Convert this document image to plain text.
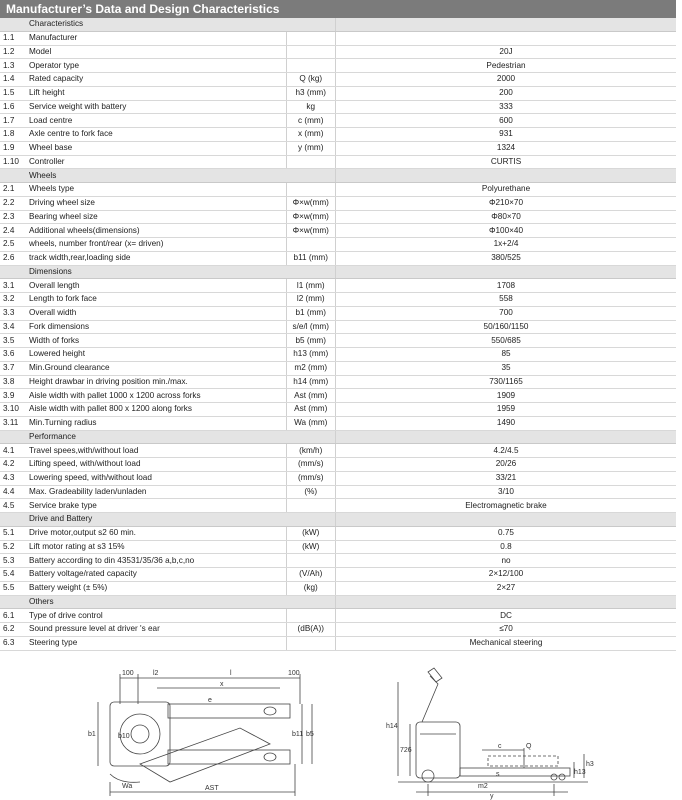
Manufacturer’s Data and Design Characteristics
	Characteristics		
1.1	Manufacturer		
1.2	Model		20J
1.3	Operator type		Pedestrian
1.4	Rated capacity	Q (kg)	2000
1.5	Lift height	h3 (mm)	200
1.6	Service weight with battery	kg	333
1.7	Load centre	c (mm)	600
1.8	Axle centre to fork face	x (mm)	931
1.9	Wheel base	y (mm)	1324
1.10	Controller		CURTIS
	Wheels		
2.1	Wheels type		Polyurethane
2.2	Driving wheel size	Φ×w(mm)	Φ210×70
2.3	Bearing wheel size	Φ×w(mm)	Φ80×70
2.4	Additional wheels(dimensions)	Φ×w(mm)	Φ100×40
2.5	wheels, number front/rear (x= driven)		1x+2/4
2.6	track width,rear,loading side	b11 (mm)	380/525
	Dimensions		
3.1	Overall length	l1 (mm)	1708
3.2	Length to fork face	l2 (mm)	558
3.3	Overall width	b1 (mm)	700
3.4	Fork dimensions	s/e/l (mm)	50/160/1150
3.5	Width of forks	b5 (mm)	550/685
3.6	Lowered height	h13 (mm)	85
3.7	Min.Ground clearance	m2 (mm)	35
3.8	Height drawbar in driving position min./max.	h14 (mm)	730/1165
3.9	Aisle width with pallet 1000 x 1200 across forks	Ast (mm)	1909
3.10	Aisle width with pallet 800 x 1200 along forks	Ast (mm)	1959
3.11	Min.Turning radius	Wa (mm)	1490
	Performance		
4.1	Travel spees,with/without load	(km/h)	4.2/4.5
4.2	Lifting speed, with/without load	(mm/s)	20/26
4.3	Lowering speed, with/without load	(mm/s)	33/21
4.4	Max. Gradeability laden/unladen	(%)	3/10
4.5	Service brake type		Electromagnetic brake
	Drive and Battery		
5.1	Drive motor,output s2 60 min.	(kW)	0.75
5.2	Lift motor rating at s3 15%	(kW)	0.8
5.3	Battery according to din 43531/35/36 a,b,c,no		no
5.4	Battery voltage/rated capacity	(V/Ah)	2×12/100
5.5	Battery weight (± 5%)	(kg)	2×27
	Others		
6.1	Type of drive control		DC
6.2	Sound pressure level at driver 's ear	(dB(A))	≤70
6.3	Steering type		Mechanical steering
100	l2	l	100
x
e
b1	b10	b11 b5
Wa	AST
h14
726
c	Q
s
m2
h3
h13
y
